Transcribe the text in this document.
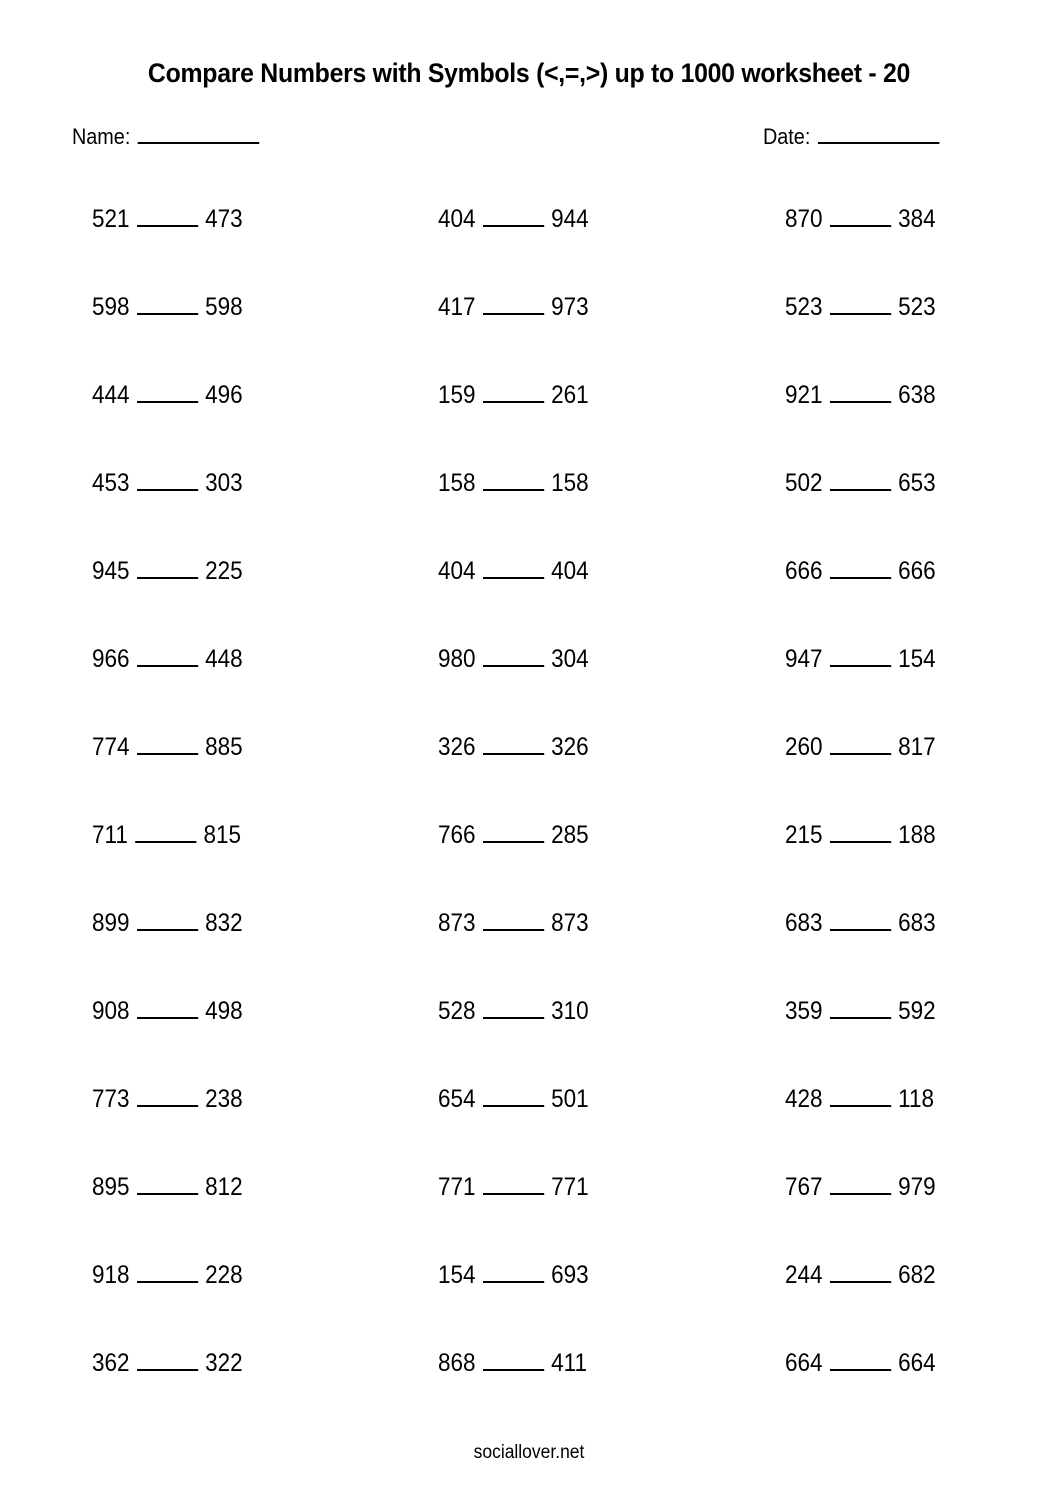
Compare Numbers with Symbols (<,=,>) up to 1000 worksheet - 20
Name:	Date:
521	473
598	598
444	496
453	303
945	225
966	448
774	885
711	815
899	832
908	498
773	238
895	812
918	228
362	322
404	944
417	973
159	261
158	158
404	404
980	304
326	326
766	285
873	873
528	310
654	501
771	771
154	693
868	411
870	384
523	523
921	638
502	653
666	666
947	154
260	817
215	188
683	683
359	592
428	118
767	979
244	682
664	664
sociallover.net
